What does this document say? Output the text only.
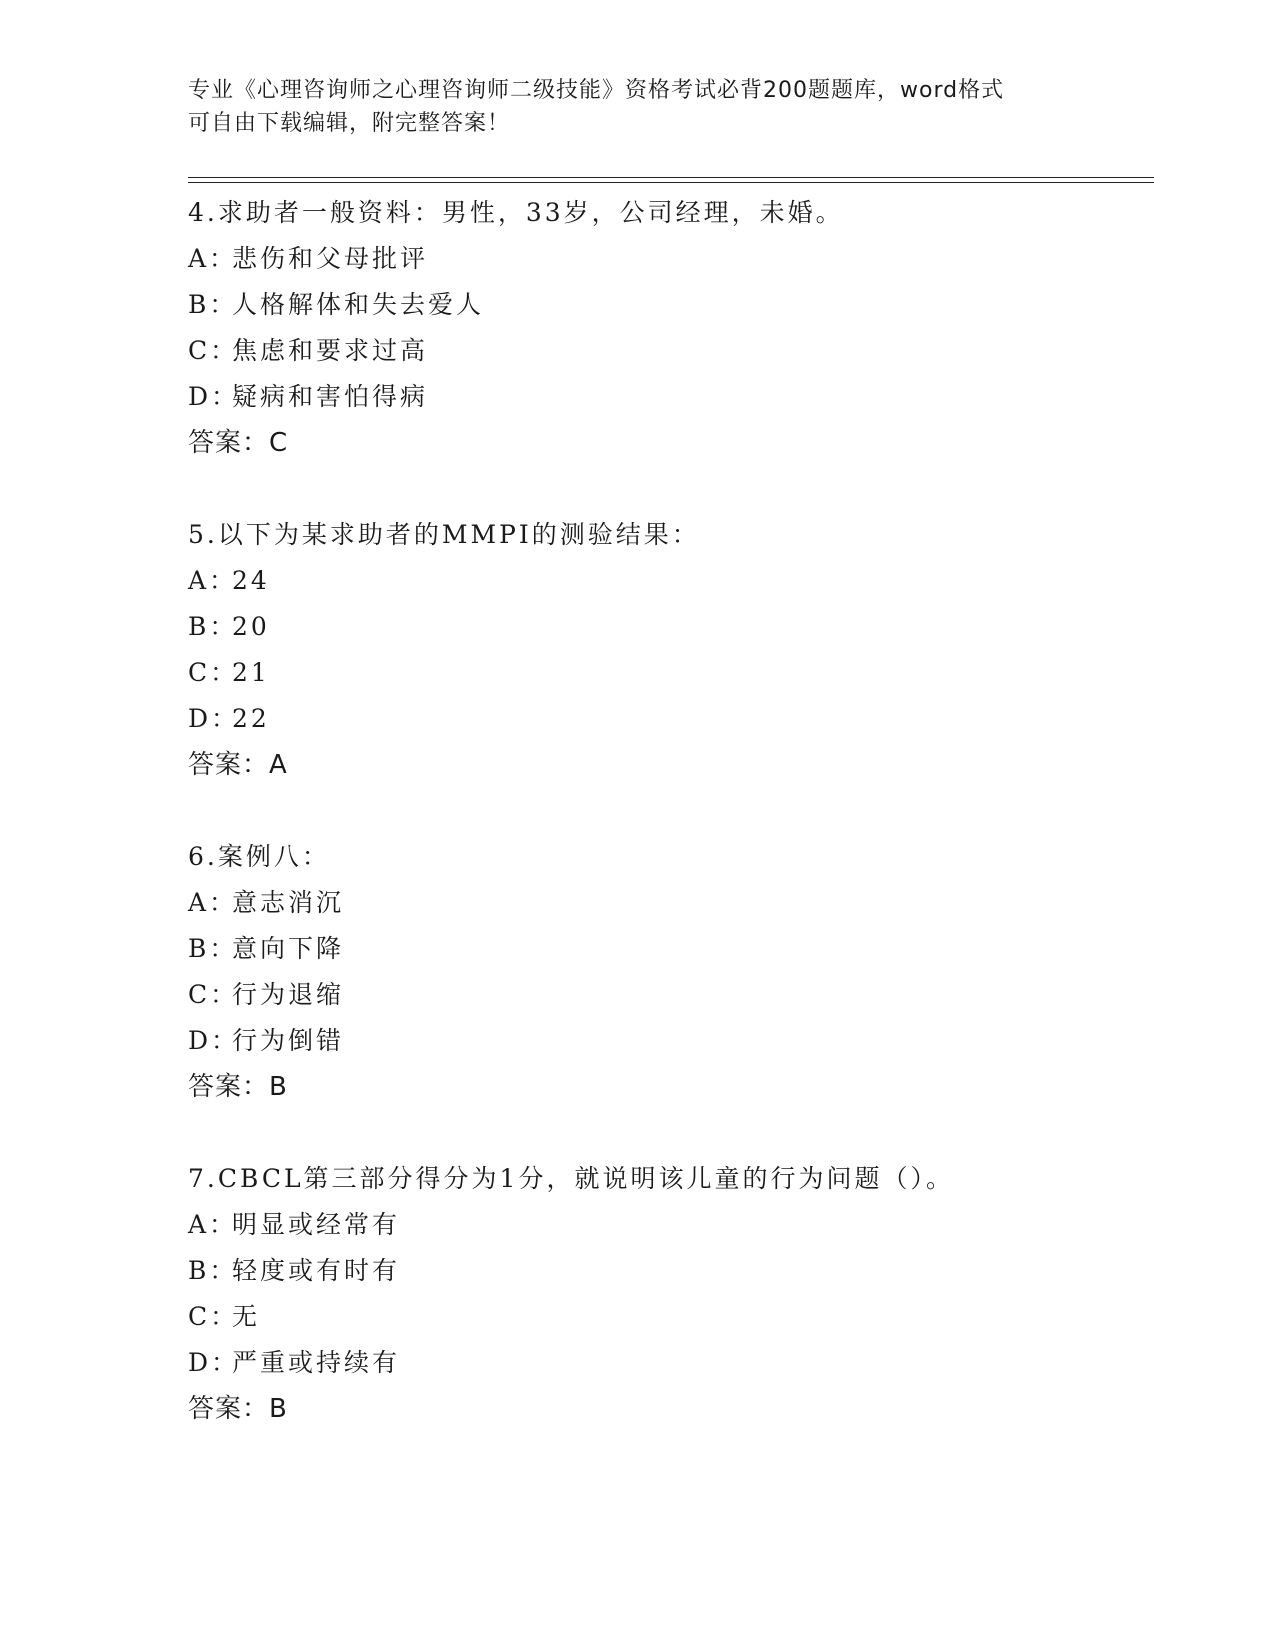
专业《心理咨询师之心理咨询师二级技能》资格考试必背200题题库，word格式
可自由下载编辑，附完整答案！
4.求助者一般资料：男性，33岁，公司经理，未婚。
A：悲伤和父母批评
B：人格解体和失去爱人
C：焦虑和要求过高
D：疑病和害怕得病
答案：C
5.以下为某求助者的MMPI的测验结果：
A：24
B：20
C：21
D：22
答案：A
6.案例八：
A：意志消沉
B：意向下降
C：行为退缩
D：行为倒错
答案：B
7.CBCL第三部分得分为1分，就说明该儿童的行为问题（）。
A：明显或经常有
B：轻度或有时有
C：无
D：严重或持续有
答案：B
